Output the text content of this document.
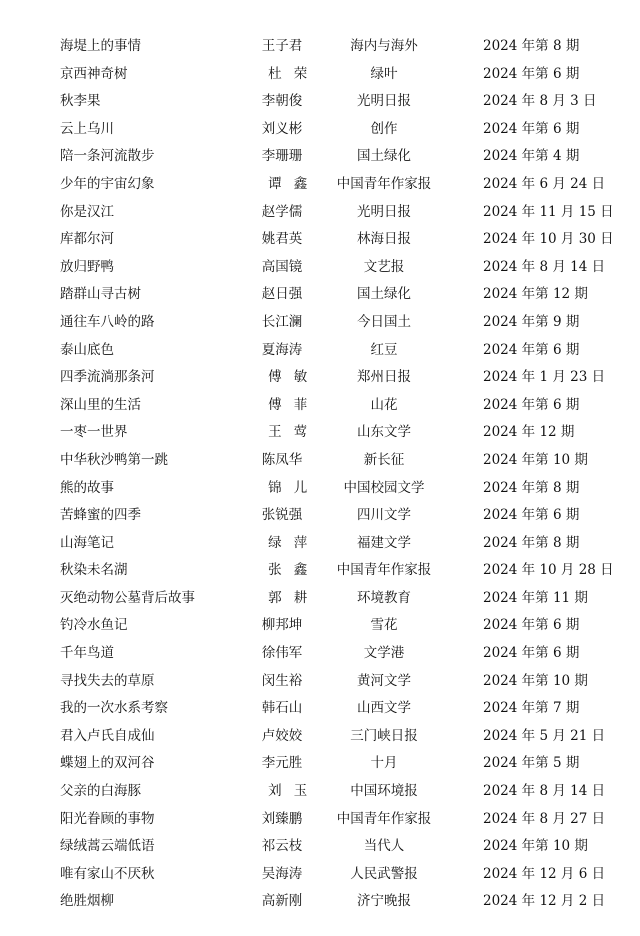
海堤上的事情	王子君	海内与海外	2024 年第 8 期
京西神奇树	杜荣	绿叶	2024 年第 6 期
秋李果	李朝俊	光明日报	2024 年 8 月 3 日
云上乌川	刘义彬	创作	2024 年第 6 期
陪一条河流散步	李珊珊	国土绿化	2024 年第 4 期
少年的宇宙幻象	谭鑫	中国青年作家报	2024 年 6 月 24 日
你是汉江	赵学儒	光明日报	2024 年 11 月 15 日
库都尔河	姚君英	林海日报	2024 年 10 月 30 日
放归野鸭	高国镜	文艺报	2024 年 8 月 14 日
踏群山寻古树	赵日强	国土绿化	2024 年第 12 期
通往车八岭的路	长江澜	今日国土	2024 年第 9 期
泰山底色	夏海涛	红豆	2024 年第 6 期
四季流淌那条河	傅敏	郑州日报	2024 年 1 月 23 日
深山里的生活	傅菲	山花	2024 年第 6 期
一枣一世界	王莺	山东文学	2024 年 12 期
中华秋沙鸭第一跳	陈凤华	新长征	2024 年第 10 期
熊的故事	锦儿	中国校园文学	2024 年第 8 期
苦蜂蜜的四季	张锐强	四川文学	2024 年第 6 期
山海笔记	绿萍	福建文学	2024 年第 8 期
秋染未名湖	张鑫	中国青年作家报	2024 年 10 月 28 日
灭绝动物公墓背后故事	郭耕	环境教育	2024 年第 11 期
钓冷水鱼记	柳邦坤	雪花	2024 年第 6 期
千年鸟道	徐伟军	文学港	2024 年第 6 期
寻找失去的草原	闵生裕	黄河文学	2024 年第 10 期
我的一次水系考察	韩石山	山西文学	2024 年第 7 期
君入卢氏自成仙	卢姣姣	三门峡日报	2024 年 5 月 21 日
蝶翅上的双河谷	李元胜	十月	2024 年第 5 期
父亲的白海豚	刘玉	中国环境报	2024 年 8 月 14 日
阳光眷顾的事物	刘臻鹏	中国青年作家报	2024 年 8 月 27 日
绿绒蒿云端低语	祁云枝	当代人	2024 年第 10 期
唯有家山不厌秋	吴海涛	人民武警报	2024 年 12 月 6 日
绝胜烟柳	高新刚	济宁晚报	2024 年 12 月 2 日
